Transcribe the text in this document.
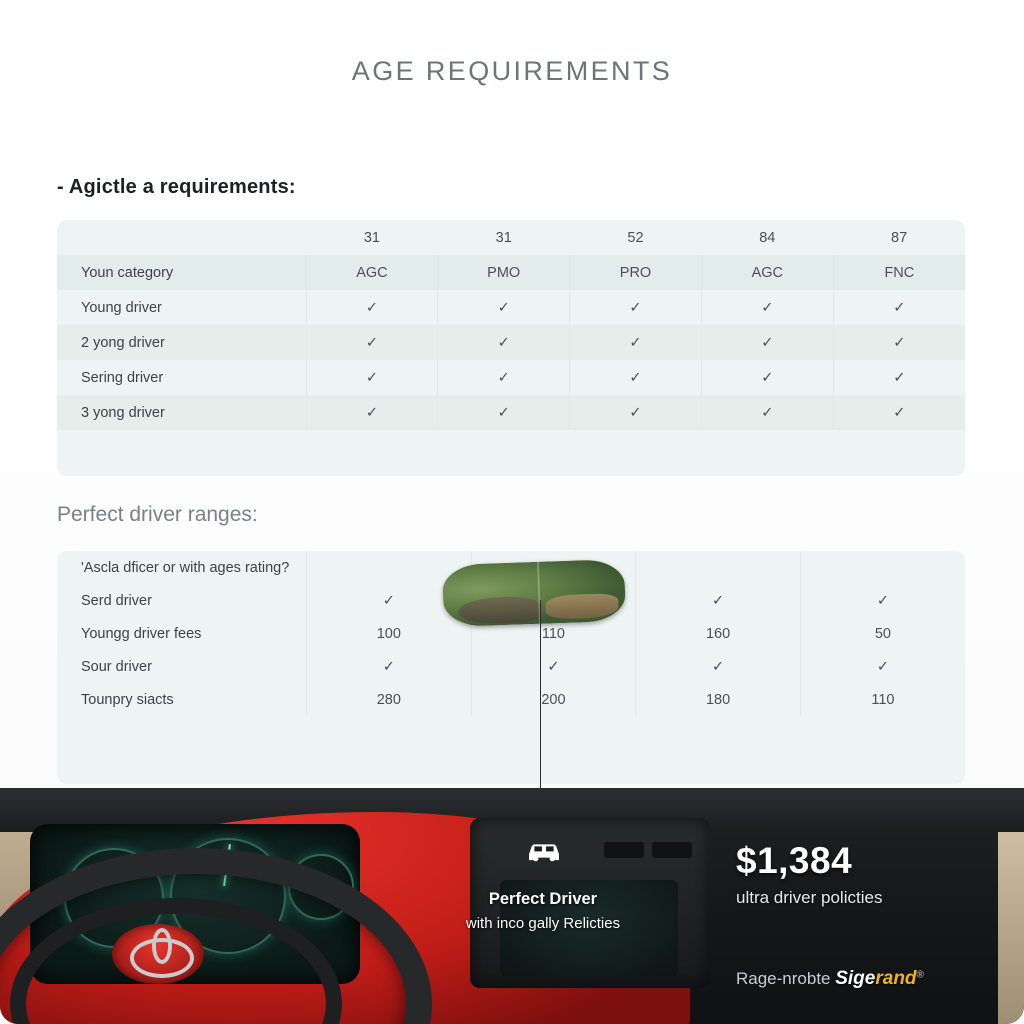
AGE REQUIREMENTS
- Agictle a requirements:
Perfect driver ranges:
	31	31	52	84	87
Youn category	AGC	PMO	PRO	AGC	FNC
Young driver	✓	✓	✓	✓	✓
2 yong driver	✓	✓	✓	✓	✓
Sering driver	✓	✓	✓	✓	✓
3 yong driver	✓	✓	✓	✓	✓

'Ascla dficer or with ages rating?				
Serd driver	✓		✓	✓
Youngg driver fees	100	110	160	50
Sour driver	✓	✓	✓	✓
Tounpry siacts	280	200	180	110
Perfect Driver
with inco gally Relicties
$1,384
ultra driver policties
Rage-nrobte Sigerand®
